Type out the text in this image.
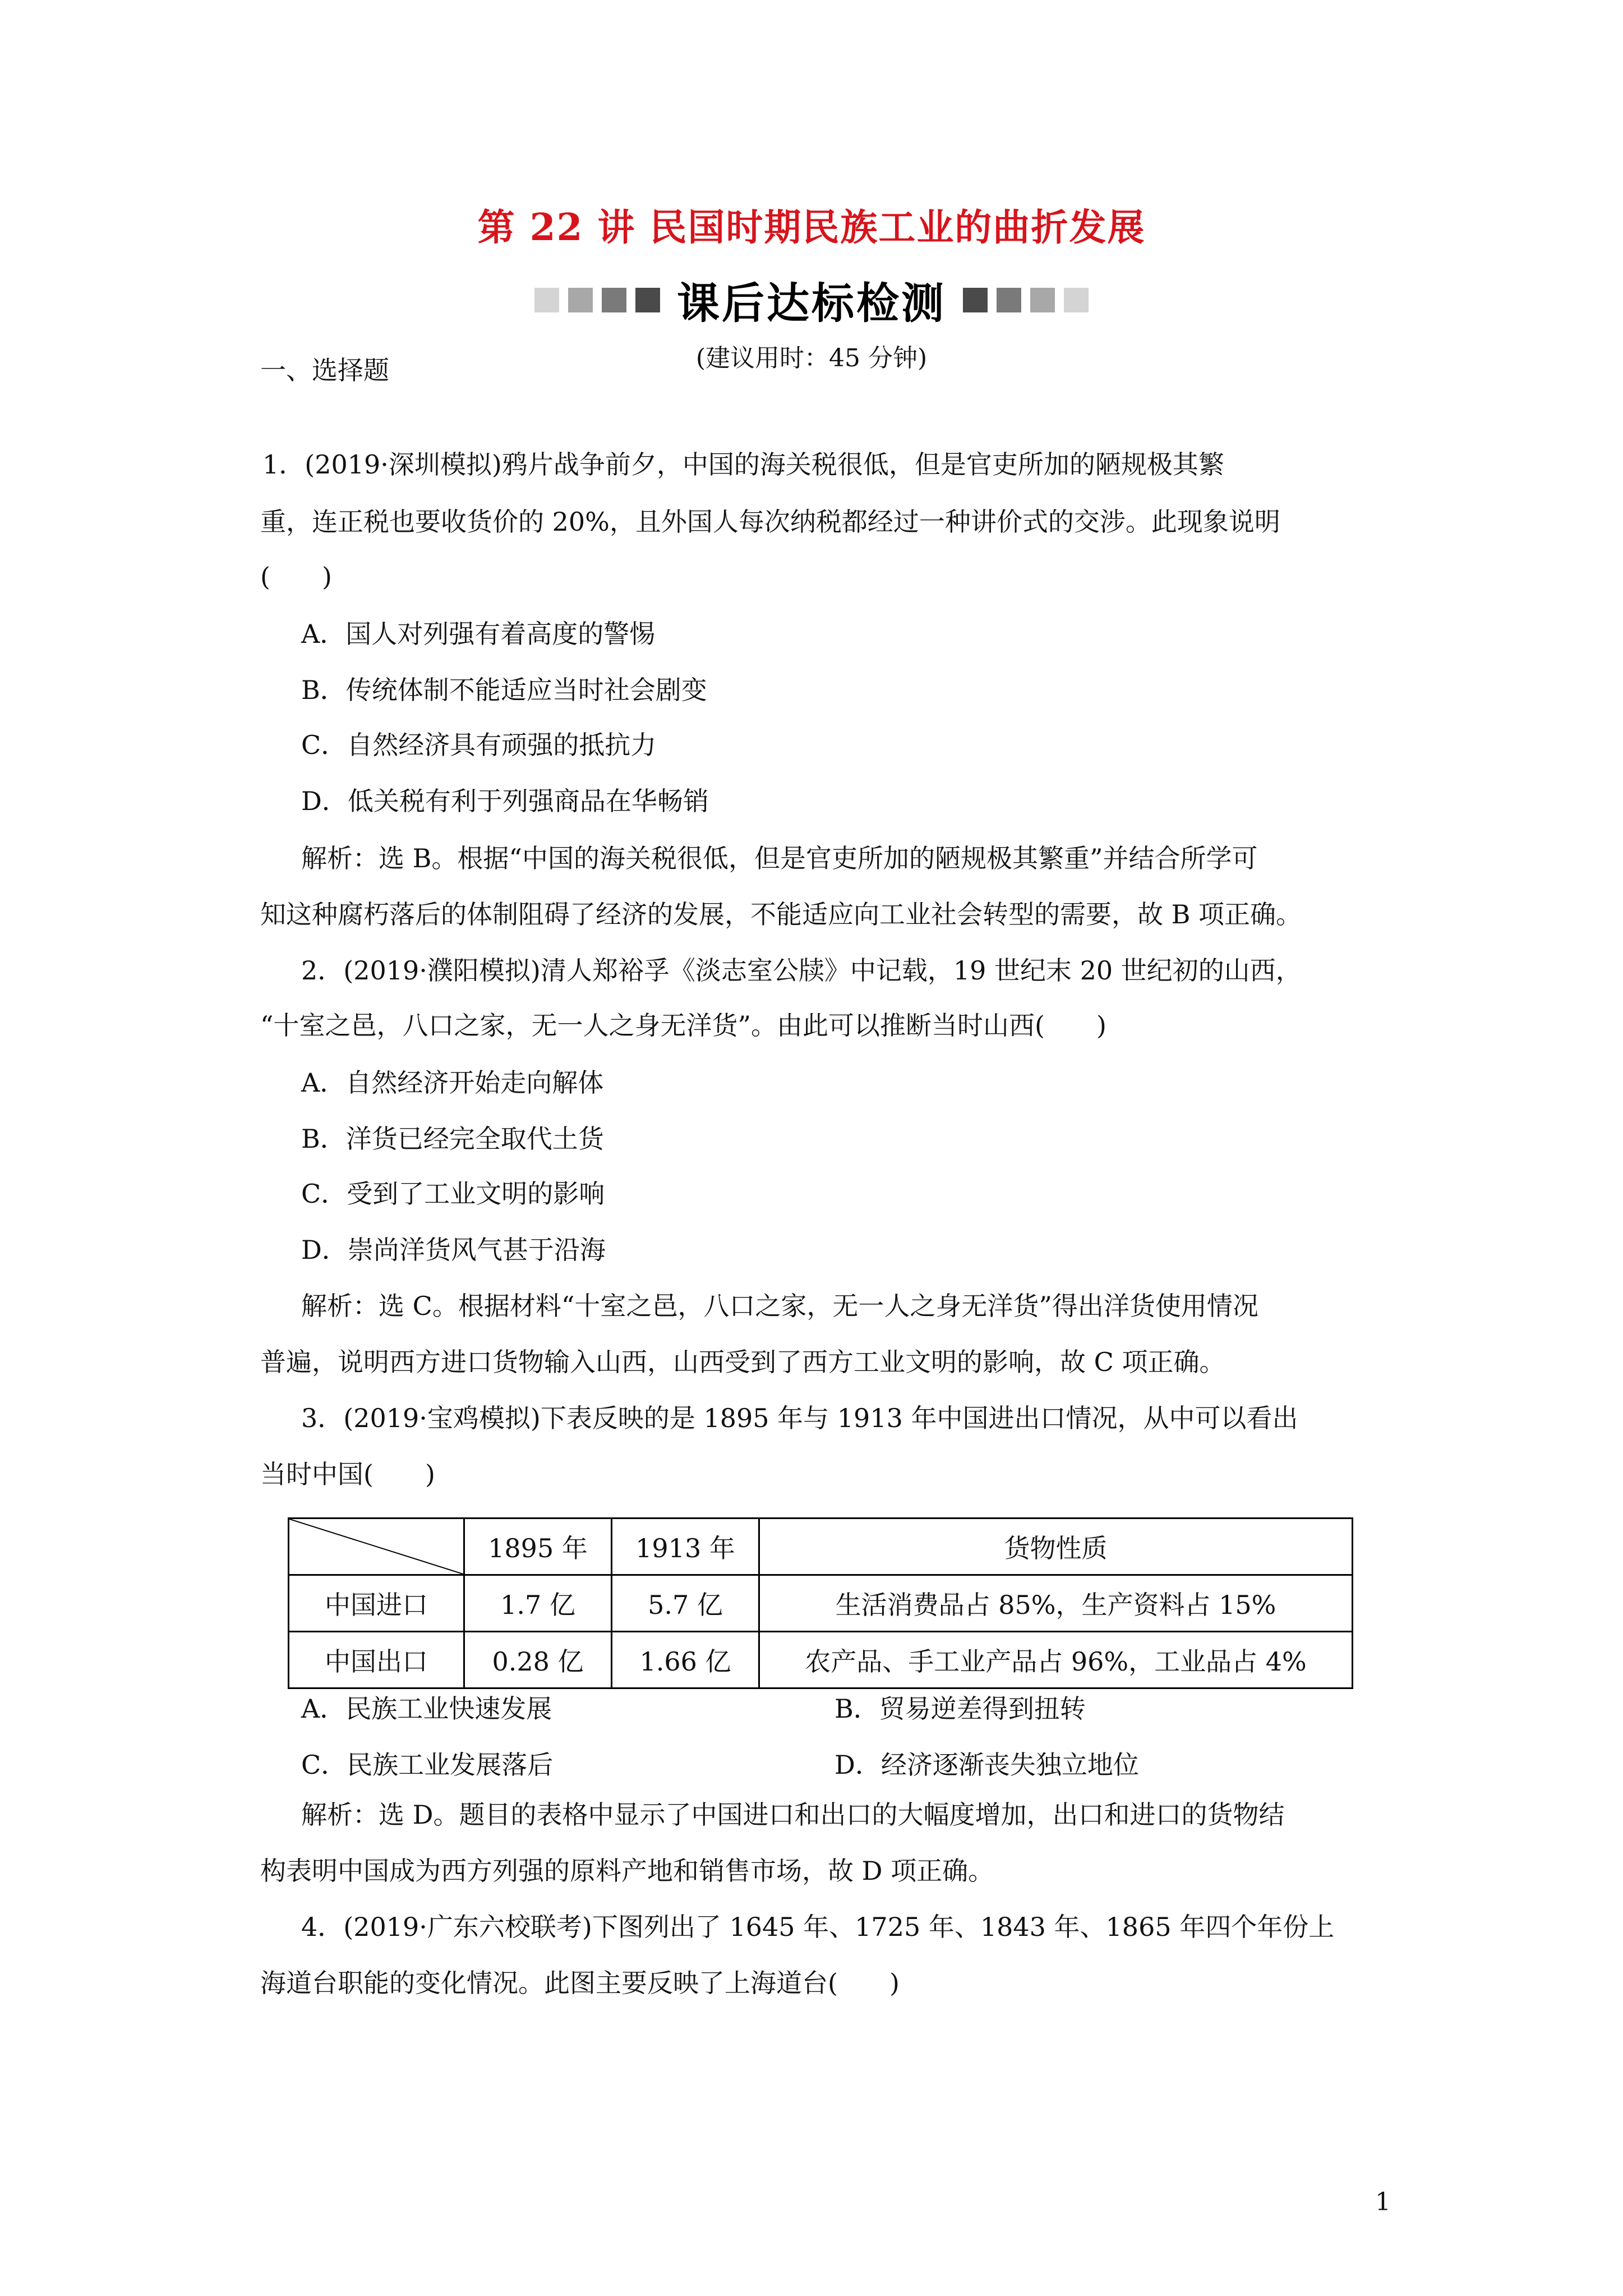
第 22 讲 民国时期民族工业的曲折发展
课后达标检测
(建议用时：45 分钟)
一、选择题
1．(2019·深圳模拟)鸦片战争前夕，中国的海关税很低，但是官吏所加的陋规极其繁
重，连正税也要收货价的 20%，且外国人每次纳税都经过一种讲价式的交涉。此现象说明
(　　)
A．国人对列强有着高度的警惕
B．传统体制不能适应当时社会剧变
C．自然经济具有顽强的抵抗力
D．低关税有利于列强商品在华畅销
解析：选 B。根据“中国的海关税很低，但是官吏所加的陋规极其繁重”并结合所学可
知这种腐朽落后的体制阻碍了经济的发展，不能适应向工业社会转型的需要，故 B 项正确。
2．(2019·濮阳模拟)清人郑裕孚《淡志室公牍》中记载，19 世纪末 20 世纪初的山西，
“十室之邑，八口之家，无一人之身无洋货”。由此可以推断当时山西(　　)
A．自然经济开始走向解体
B．洋货已经完全取代土货
C．受到了工业文明的影响
D．崇尚洋货风气甚于沿海
解析：选 C。根据材料“十室之邑，八口之家，无一人之身无洋货”得出洋货使用情况
普遍，说明西方进口货物输入山西，山西受到了西方工业文明的影响，故 C 项正确。
3．(2019·宝鸡模拟)下表反映的是 1895 年与 1913 年中国进出口情况，从中可以看出
当时中国(　　)
	1895 年	1913 年	货物性质
中国进口	1.7 亿	5.7 亿	生活消费品占 85%，生产资料占 15%
中国出口	0.28 亿	1.66 亿	农产品、手工业产品占 96%，工业品占 4%
A．民族工业快速发展	B．贸易逆差得到扭转
C．民族工业发展落后	D．经济逐渐丧失独立地位
解析：选 D。题目的表格中显示了中国进口和出口的大幅度增加，出口和进口的货物结
构表明中国成为西方列强的原料产地和销售市场，故 D 项正确。
4．(2019·广东六校联考)下图列出了 1645 年、1725 年、1843 年、1865 年四个年份上
海道台职能的变化情况。此图主要反映了上海道台(　　)
1
